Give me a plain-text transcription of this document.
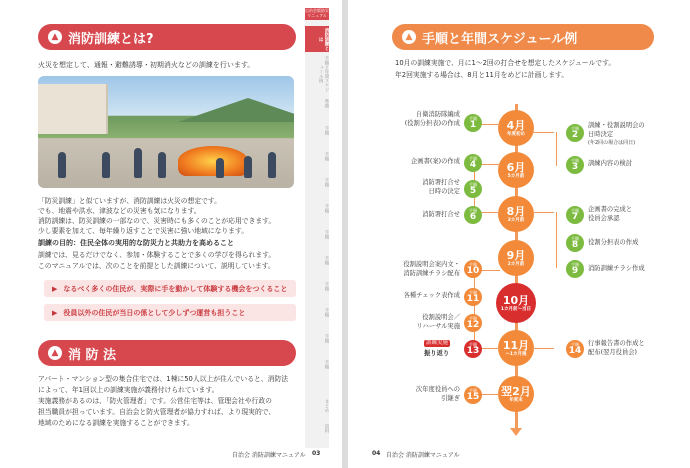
▲ 消防訓練とは?
火災を想定して、通報・避難誘導・初期消火などの訓練を行います。
「防災訓練」と似ていますが、消防訓練は火災の想定です。
でも、地震や洪水、津波などの災害も気になります。
消防訓練は、防災訓練の一部なので、災害時にも多くのことが応用できます。
少し要素を加えて、毎年繰り返すことで災害に強い地域になります。
訓練の目的：住民全体の実用的な防災力と共助力を高めること
訓練では、見るだけでなく、参加・体験することで多くの学びを得られます。
このマニュアルでは、次のことを前提とした訓練について、説明しています。
▶ なるべく多くの住民が、実際に手を動かして体験する機会をつくること
▶ 役員以外の住民が当日の係として少しずつ運営も担うこと
▲ 消 防 法
アパート・マンション型の集合住宅では、1棟に50人以上が住んでいると、消防法
によって、年1回以上の訓練実施が義務付けられています。
実施義務があるのは、「防火管理者」です。公営住宅等は、管理会社や行政の
担当職員が担っています。自治会と防火管理者が協力すれば、より現実的で、
地域のためになる訓練を実施することができます。
自治会版防災マニュアル
消防訓練とは
手順と年間スケジュール例
準備
手順
手順
手順
手順
手順
手順
手順
手順
手順
手順
まとめ
資料
自治会 消防訓練マニュアル 03
▲ 手順と年間スケジュール例
10月の訓練実施で、月に1〜2回の打合せを想定したスケジュールです。
年2回実施する場合は、8月と11月をめどに計画します。
4月
年度初め
6月
5カ月前
8月
3カ月前
9月
2カ月前
10月
1カ月前〜当日
11月
〜1カ月後
翌2月
年度末
手順
1
自衛消防隊編成
(役割分担表)の作成
手順
4
企画書(案)の作成
手順
5
消防署打合せ
日時の決定
手順
6
消防署打合せ
手順
10
役割説明会案内文・
消防訓練チラシ配布
手順
11
各種チェック表作成
手順
12
役割説明会／
リハーサル実施
手順
13
訓練実施
振り返り
手順
15
次年度役員への
引継ぎ
手順
2
訓練・役割説明会の
日時決定
(年2回の場合は同日)
手順
3 訓練内容の検討
手順
7
企画書の完成と
役員会承認
手順
8 役割分担表の作成
手順
9 消防訓練チラシ作成
手順
14
行事報告書の作成と
配布(翌月役員会)
04 自治会 消防訓練マニュアル
